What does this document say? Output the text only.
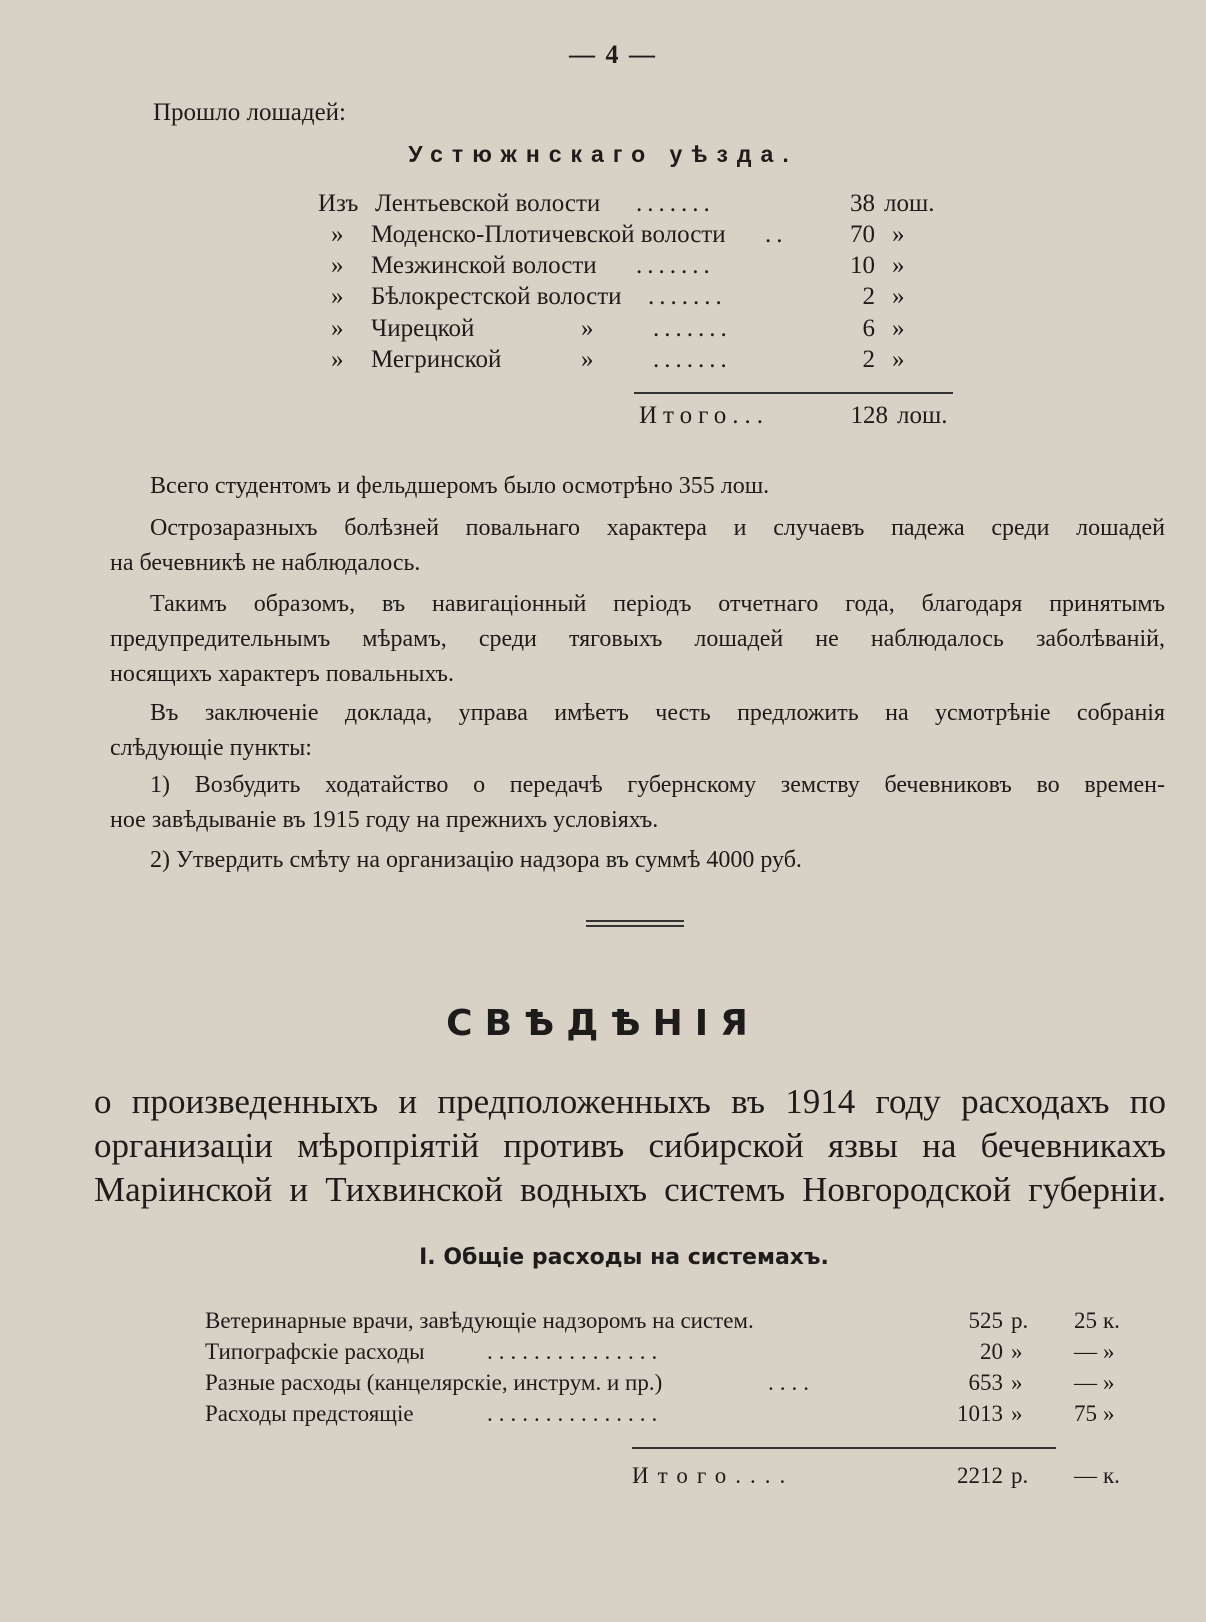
— 4 —
Прошло лошадей:
Устюжнскаго уѣзда.
Изъ Лентьевской волости .......	38 лош.
» Моденско-Плотичевской волости ..	70 »
» Мезжинской волости .......	10 »
» Бѣлокрестской волости .......	2 »
» Чирецкой	» .......	6 »
» Мегринской	» .......	2 »
Итого...	128 лош.
Всего студентомъ и фельдшеромъ было осмотрѣно 355 лош.
Острозаразныхъ болѣзней повальнаго характера и случаевъ падежа среди лошадей
на бечевникѣ не наблюдалось.
Такимъ образомъ, въ навигаціонный періодъ отчетнаго года, благодаря принятымъ
предупредительнымъ мѣрамъ, среди тяговыхъ лошадей не наблюдалось заболѣваній,
носящихъ характеръ повальныхъ.
Въ заключеніе доклада, управа имѣетъ честь предложить на усмотрѣніе собранія
слѣдующіе пункты:
1) Возбудить ходатайство о передачѣ губернскому земству бечевниковъ во времен-
ное завѣдываніе въ 1915 году на прежнихъ условіяхъ.
2) Утвердить смѣту на организацію надзора въ суммѣ 4000 руб.
СВѢДѢНІЯ
о произведенныхъ и предположенныхъ въ 1914 году расходахъ по
организаціи мѣропріятій противъ сибирской язвы на бечевникахъ
Маріинской и Тихвинской водныхъ системъ Новгородской губерніи.
I. Общіе расходы на системахъ.
Ветеринарные врачи, завѣдующіе надзоромъ на систем.	525 р.	25 к.
Типографскіе расходы	...............	20 »	— »
Разные расходы (канцелярскіе, инструм. и пр.)	....	653 »	— »
Расходы предстоящіе	...............	1013 »	75 »
Итого....	2212 р.	— к.
